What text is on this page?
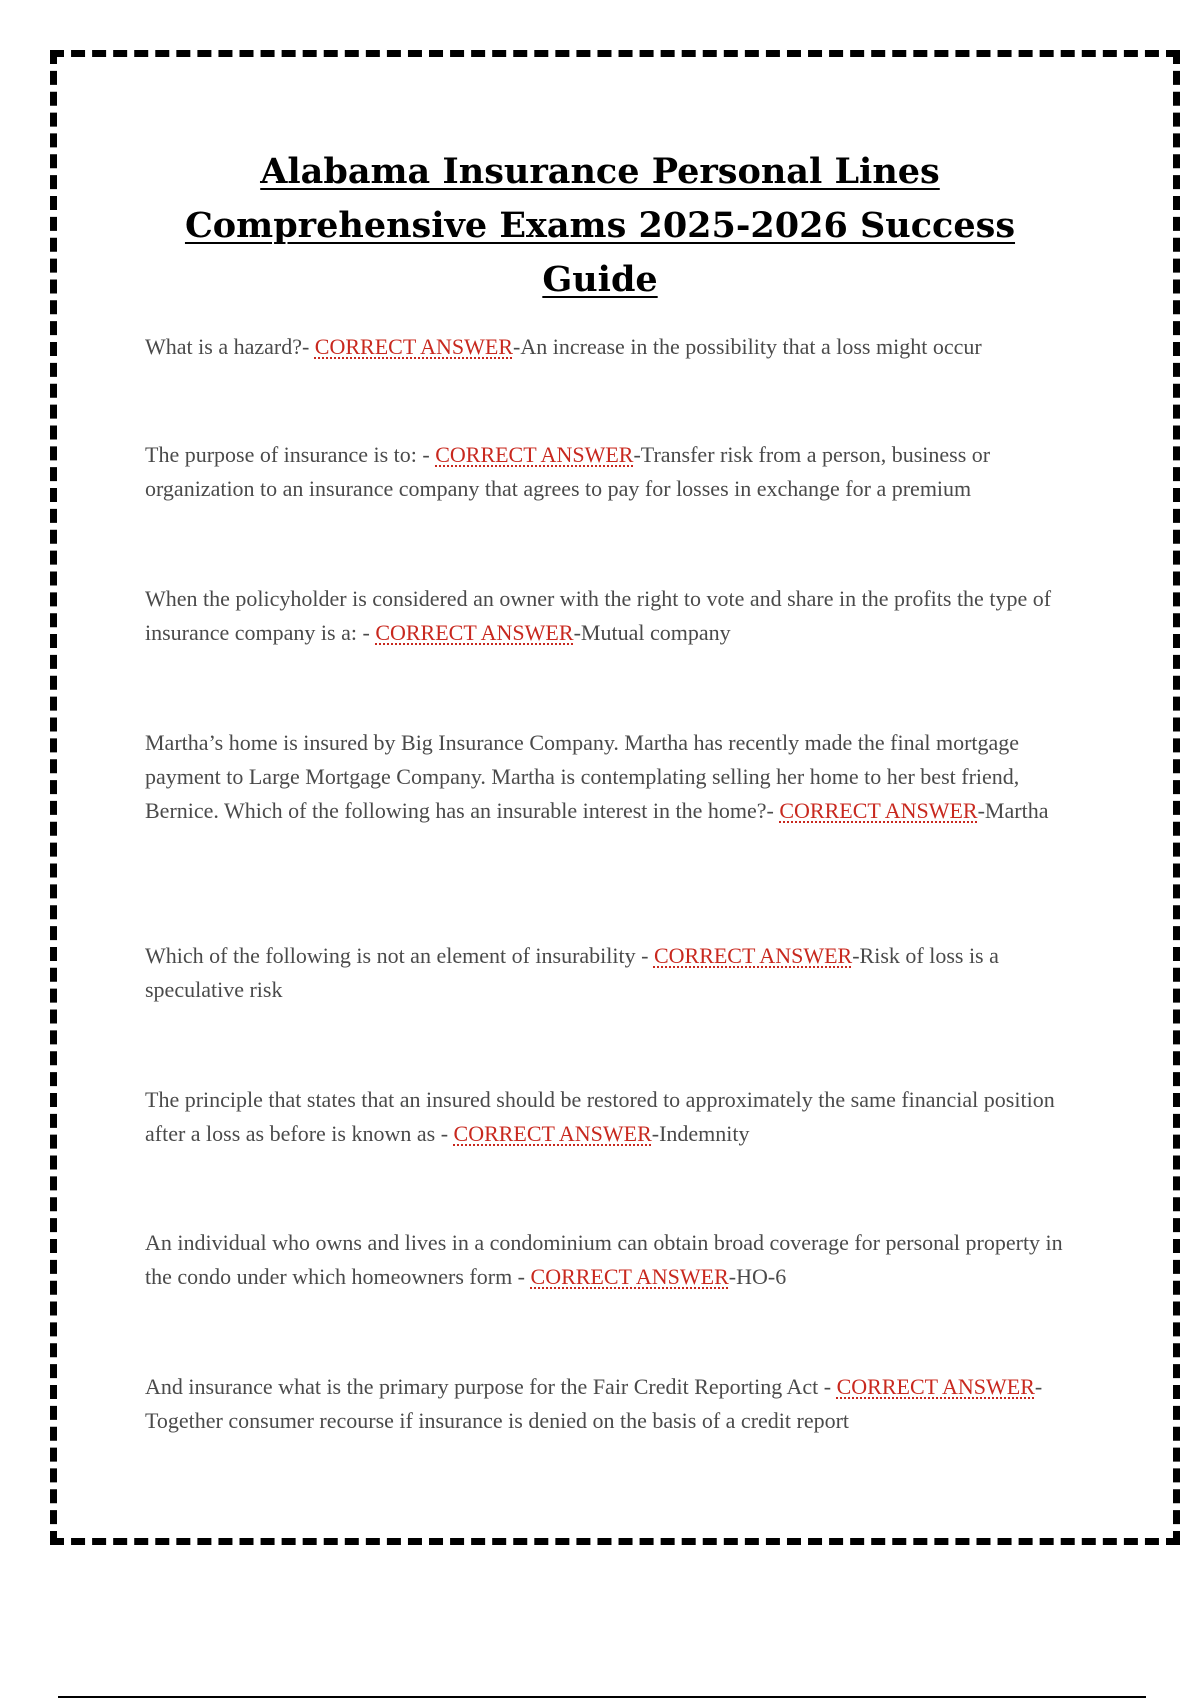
Alabama Insurance Personal Lines Comprehensive Exams 2025-2026 Success Guide

What is a hazard?- CORRECT ANSWER-An increase in the possibility that a loss might occur

The purpose of insurance is to: - CORRECT ANSWER-Transfer risk from a person, business or organization to an insurance company that agrees to pay for losses in exchange for a premium

When the policyholder is considered an owner with the right to vote and share in the profits the type of insurance company is a: - CORRECT ANSWER-Mutual company

Martha’s home is insured by Big Insurance Company. Martha has recently made the final mortgage payment to Large Mortgage Company. Martha is contemplating selling her home to her best friend, Bernice. Which of the following has an insurable interest in the home?- CORRECT ANSWER-Martha

Which of the following is not an element of insurability - CORRECT ANSWER-Risk of loss is a speculative risk

The principle that states that an insured should be restored to approximately the same financial position after a loss as before is known as - CORRECT ANSWER-Indemnity

An individual who owns and lives in a condominium can obtain broad coverage for personal property in the condo under which homeowners form - CORRECT ANSWER-HO-6

And insurance what is the primary purpose for the Fair Credit Reporting Act - CORRECT ANSWER-Together consumer recourse if insurance is denied on the basis of a credit report
